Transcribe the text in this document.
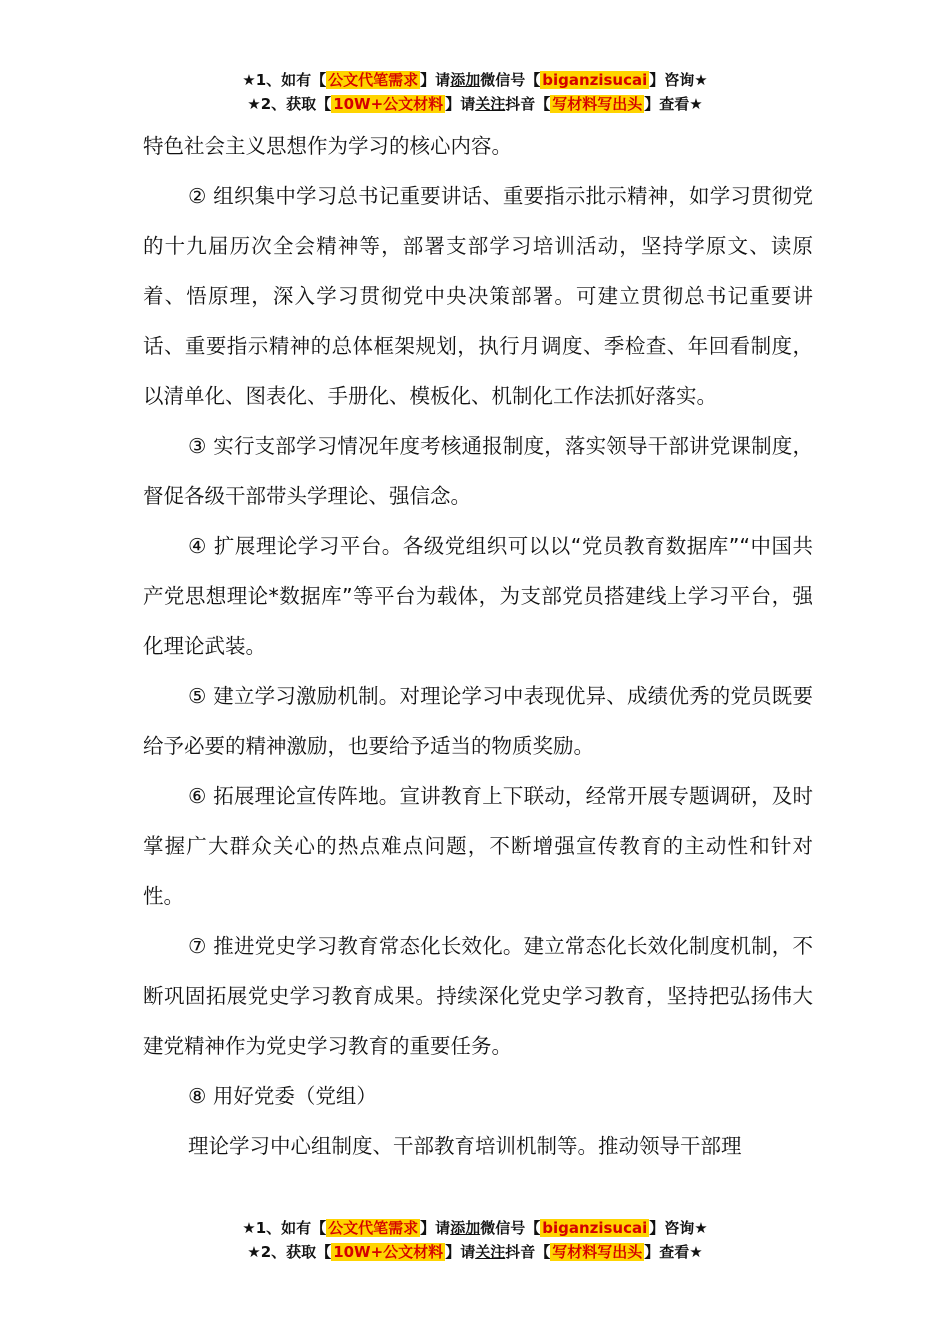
★1、如有【 公文代笔需求 】请添加微信号【 biganzisucai 】咨询★
★2、获取【 10W+公文材料 】请关注抖音【 写材料写出头 】查看★

特色社会主义思想作为学习的核心内容。

② 组织集中学习总书记重要讲话、重要指示批示精神，如学习贯彻党的十九届历次全会精神等，部署支部学习培训活动，坚持学原文、读原着、悟原理，深入学习贯彻党中央决策部署。可建立贯彻总书记重要讲话、重要指示精神的总体框架规划，执行月调度、季检查、年回看制度，以清单化、图表化、手册化、模板化、机制化工作法抓好落实。

③ 实行支部学习情况年度考核通报制度，落实领导干部讲党课制度，督促各级干部带头学理论、强信念。

④ 扩展理论学习平台。各级党组织可以以“党员教育数据库”“中国共产党思想理论*数据库”等平台为载体，为支部党员搭建线上学习平台，强化理论武装。

⑤ 建立学习激励机制。对理论学习中表现优异、成绩优秀的党员既要给予必要的精神激励，也要给予适当的物质奖励。

⑥ 拓展理论宣传阵地。宣讲教育上下联动，经常开展专题调研，及时掌握广大群众关心的热点难点问题，不断增强宣传教育的主动性和针对性。

⑦ 推进党史学习教育常态化长效化。建立常态化长效化制度机制，不断巩固拓展党史学习教育成果。持续深化党史学习教育，坚持把弘扬伟大建党精神作为党史学习教育的重要任务。

⑧ 用好党委（党组）

理论学习中心组制度、干部教育培训机制等。推动领导干部理

★1、如有【 公文代笔需求 】请添加微信号【 biganzisucai 】咨询★
★2、获取【 10W+公文材料 】请关注抖音【 写材料写出头 】查看★
